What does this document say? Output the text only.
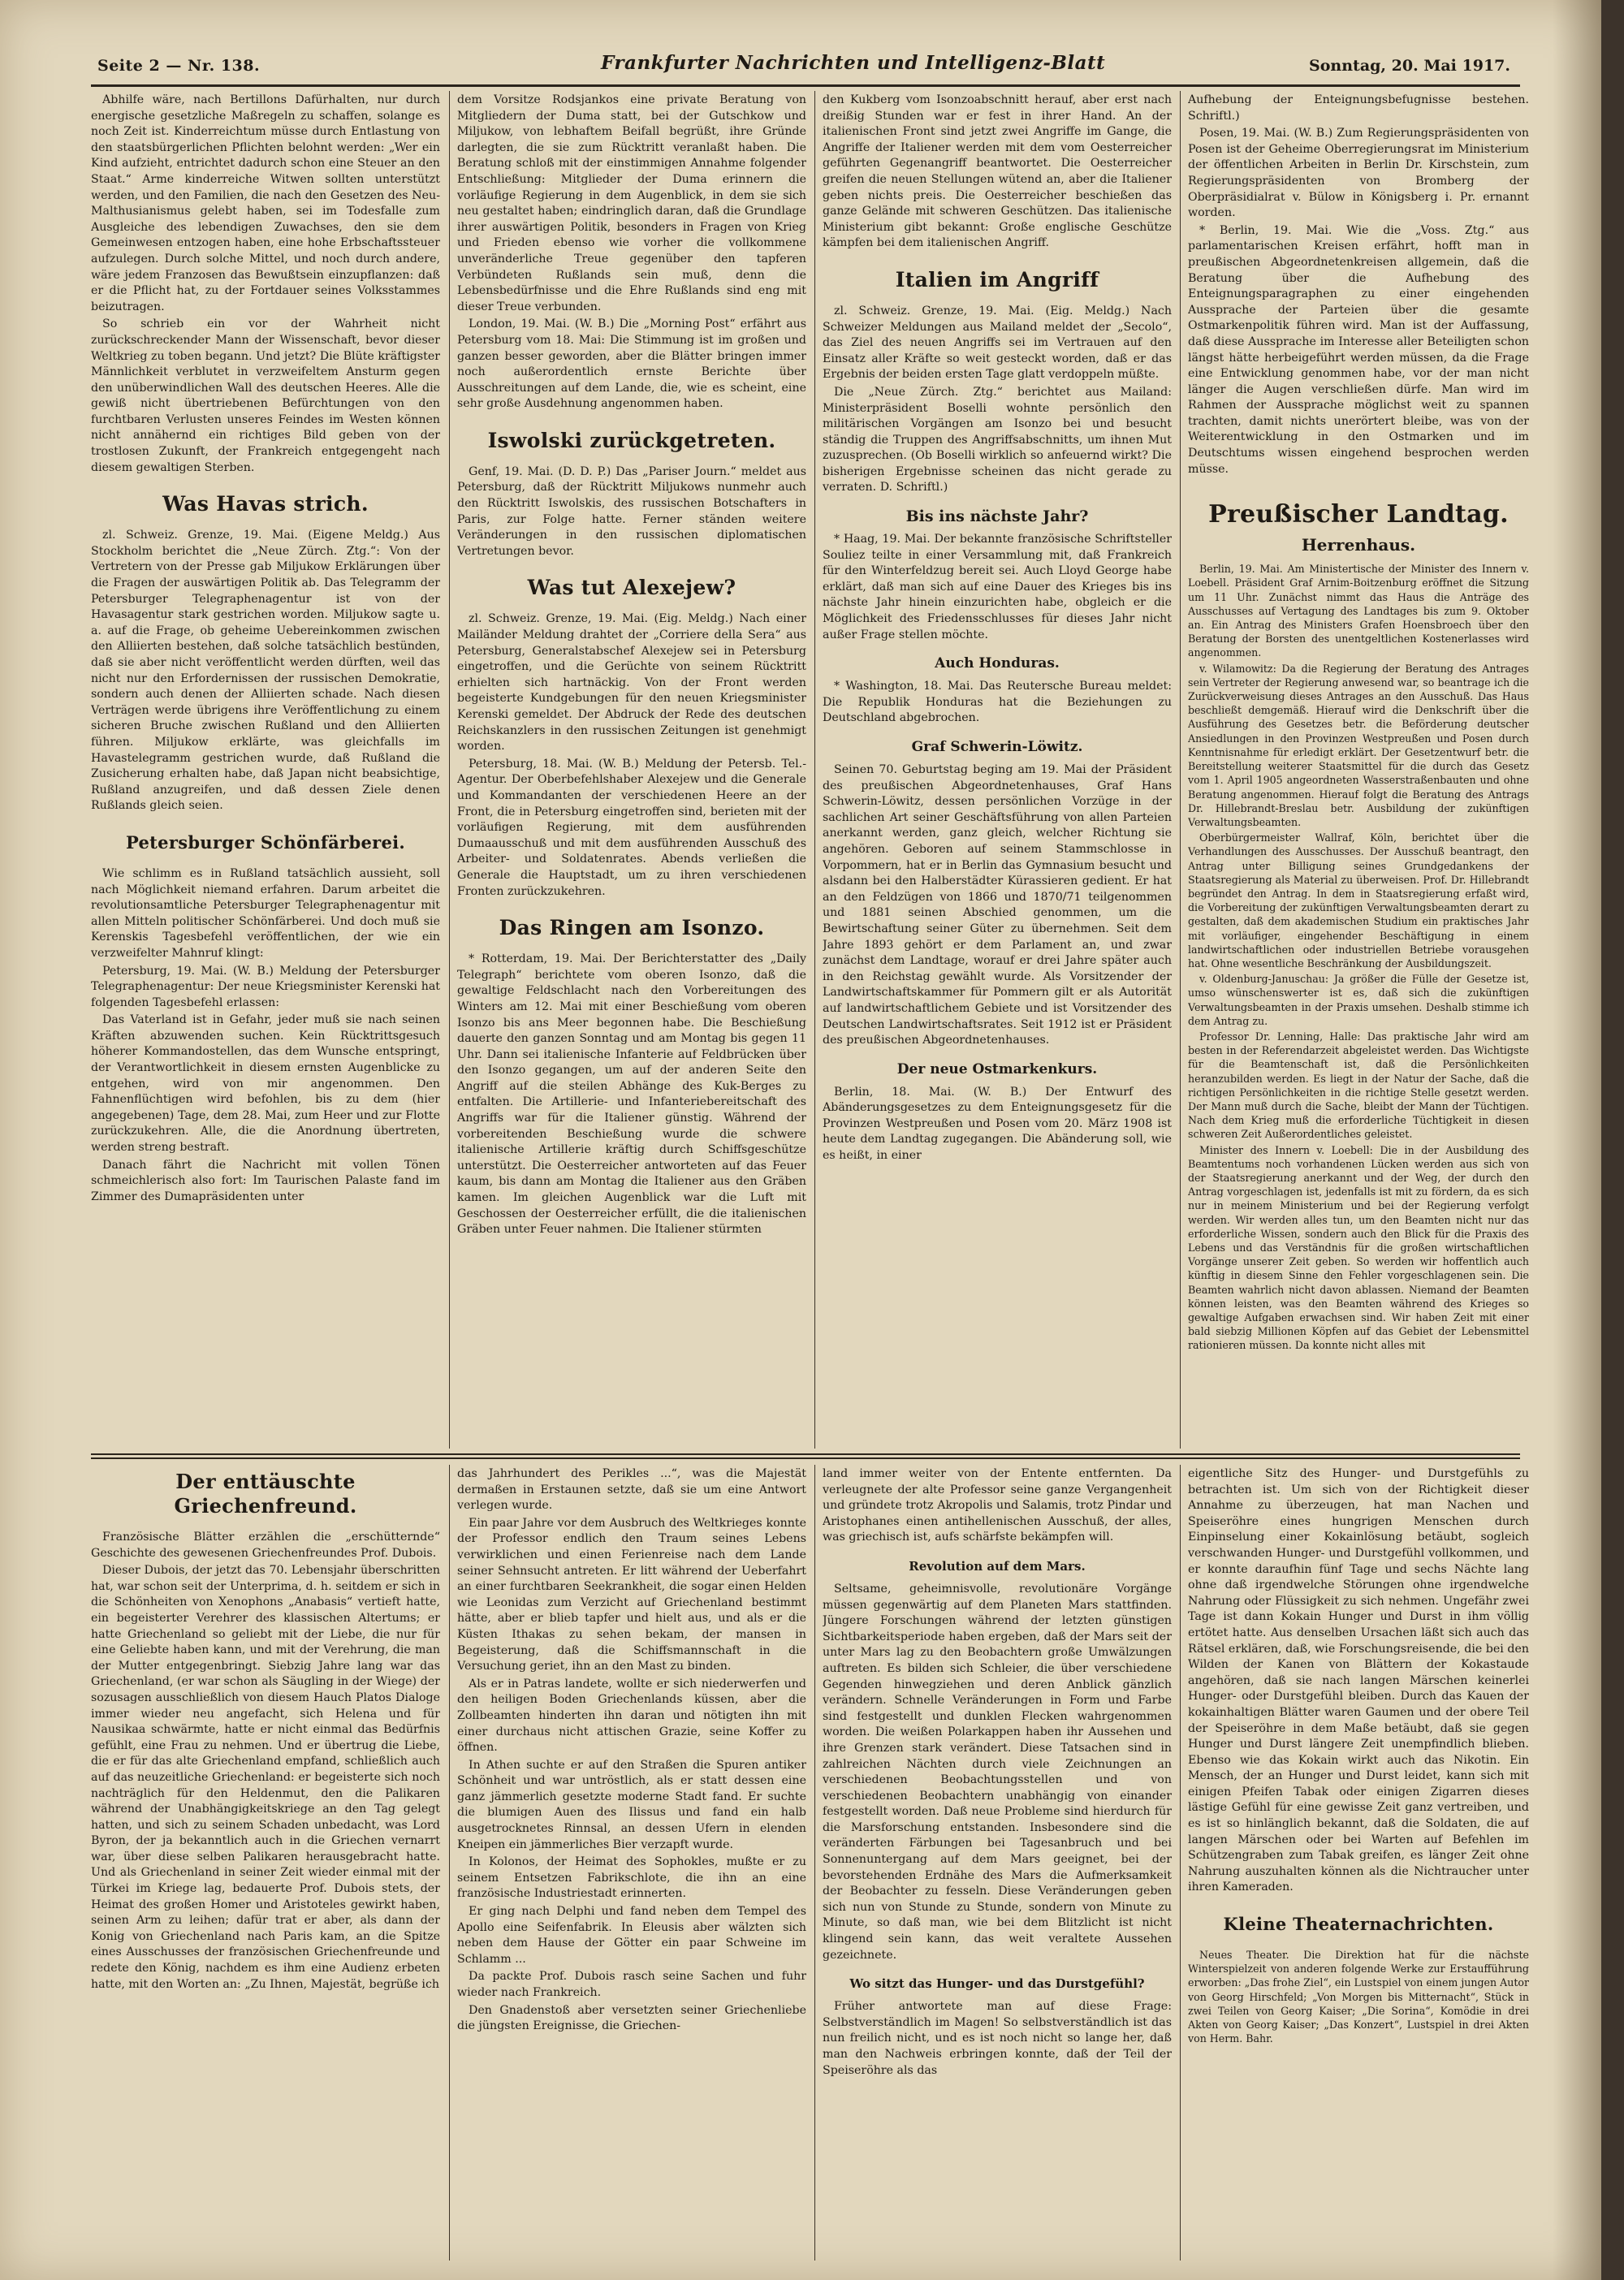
Seite 2 — Nr. 138.	Frankfurter Nachrichten und Intelligenz-Blatt	Sonntag, 20. Mai 1917.

Abhilfe wäre, nach Bertillons Dafürhalten, nur durch energische gesetzliche Maßregeln zu schaffen, solange es noch Zeit ist. Kinderreichtum müsse durch Entlastung von den staatsbürgerlichen Pflichten belohnt werden: „Wer ein Kind aufzieht, entrichtet dadurch schon eine Steuer an den Staat.“ Arme kinderreiche Witwen sollten unterstützt werden, und den Familien, die nach den Gesetzen des Neu-Malthusianismus gelebt haben, sei im Todesfalle zum Ausgleiche des lebendigen Zuwachses, den sie dem Gemeinwesen entzogen haben, eine hohe Erbschaftssteuer aufzulegen. Durch solche Mittel, und noch durch andere, wäre jedem Franzosen das Bewußtsein einzupflanzen: daß er die Pflicht hat, zu der Fortdauer seines Volksstammes beizutragen.

So schrieb ein vor der Wahrheit nicht zurückschreckender Mann der Wissenschaft, bevor dieser Weltkrieg zu toben begann. Und jetzt? Die Blüte kräftigster Männlichkeit verblutet in verzweifeltem Ansturm gegen den unüberwindlichen Wall des deutschen Heeres. Alle die gewiß nicht übertriebenen Befürchtungen von den furchtbaren Verlusten unseres Feindes im Westen können nicht annähernd ein richtiges Bild geben von der trostlosen Zukunft, der Frankreich entgegengeht nach diesem gewaltigen Sterben.

Was Havas strich.

zl. Schweiz. Grenze, 19. Mai. (Eigene Meldg.) Aus Stockholm berichtet die „Neue Zürch. Ztg.“: Von der Vertretern von der Presse gab Miljukow Erklärungen über die Fragen der auswärtigen Politik ab. Das Telegramm der Petersburger Telegraphenagentur ist von der Havasagentur stark gestrichen worden. Miljukow sagte u. a. auf die Frage, ob geheime Uebereinkommen zwischen den Alliierten bestehen, daß solche tatsächlich bestünden, daß sie aber nicht veröffentlicht werden dürften, weil das nicht nur den Erfordernissen der russischen Demokratie, sondern auch denen der Alliierten schade. Nach diesen Verträgen werde übrigens ihre Veröffentlichung zu einem sicheren Bruche zwischen Rußland und den Alliierten führen. Miljukow erklärte, was gleichfalls im Havastelegramm gestrichen wurde, daß Rußland die Zusicherung erhalten habe, daß Japan nicht beabsichtige, Rußland anzugreifen, und daß dessen Ziele denen Rußlands gleich seien.

Petersburger Schönfärberei.

Wie schlimm es in Rußland tatsächlich aussieht, soll nach Möglichkeit niemand erfahren. Darum arbeitet die revolutionsamtliche Petersburger Telegraphenagentur mit allen Mitteln politischer Schönfärberei. Und doch muß sie Kerenskis Tagesbefehl veröffentlichen, der wie ein verzweifelter Mahnruf klingt:

Petersburg, 19. Mai. (W. B.) Meldung der Petersburger Telegraphenagentur: Der neue Kriegsminister Kerenski hat folgenden Tagesbefehl erlassen:

Das Vaterland ist in Gefahr, jeder muß sie nach seinen Kräften abzuwenden suchen. Kein Rücktrittsgesuch höherer Kommandostellen, das dem Wunsche entspringt, der Verantwortlichkeit in diesem ernsten Augenblicke zu entgehen, wird von mir angenommen. Den Fahnenflüchtigen wird befohlen, bis zu dem (hier angegebenen) Tage, dem 28. Mai, zum Heer und zur Flotte zurückzukehren. Alle, die die Anordnung übertreten, werden streng bestraft.

Danach fährt die Nachricht mit vollen Tönen schmeichlerisch also fort: Im Taurischen Palaste fand im Zimmer des Dumapräsidenten unter

dem Vorsitze Rodsjankos eine private Beratung von Mitgliedern der Duma statt, bei der Gutschkow und Miljukow, von lebhaftem Beifall begrüßt, ihre Gründe darlegten, die sie zum Rücktritt veranlaßt haben. Die Beratung schloß mit der einstimmigen Annahme folgender Entschließung: Mitglieder der Duma erinnern die vorläufige Regierung in dem Augenblick, in dem sie sich neu gestaltet haben; eindringlich daran, daß die Grundlage ihrer auswärtigen Politik, besonders in Fragen von Krieg und Frieden ebenso wie vorher die vollkommene unveränderliche Treue gegenüber den tapferen Verbündeten Rußlands sein muß, denn die Lebensbedürfnisse und die Ehre Rußlands sind eng mit dieser Treue verbunden.

London, 19. Mai. (W. B.) Die „Morning Post“ erfährt aus Petersburg vom 18. Mai: Die Stimmung ist im großen und ganzen besser geworden, aber die Blätter bringen immer noch außerordentlich ernste Berichte über Ausschreitungen auf dem Lande, die, wie es scheint, eine sehr große Ausdehnung angenommen haben.

Iswolski zurückgetreten.

Genf, 19. Mai. (D. D. P.) Das „Pariser Journ.“ meldet aus Petersburg, daß der Rücktritt Miljukows nunmehr auch den Rücktritt Iswolskis, des russischen Botschafters in Paris, zur Folge hatte. Ferner ständen weitere Veränderungen in den russischen diplomatischen Vertretungen bevor.

Was tut Alexejew?

zl. Schweiz. Grenze, 19. Mai. (Eig. Meldg.) Nach einer Mailänder Meldung drahtet der „Corriere della Sera“ aus Petersburg, Generalstabschef Alexejew sei in Petersburg eingetroffen, und die Gerüchte von seinem Rücktritt erhielten sich hartnäckig. Von der Front werden begeisterte Kundgebungen für den neuen Kriegsminister Kerenski gemeldet. Der Abdruck der Rede des deutschen Reichskanzlers in den russischen Zeitungen ist genehmigt worden.

Petersburg, 18. Mai. (W. B.) Meldung der Petersb. Tel.-Agentur. Der Oberbefehlshaber Alexejew und die Generale und Kommandanten der verschiedenen Heere an der Front, die in Petersburg eingetroffen sind, berieten mit der vorläufigen Regierung, mit dem ausführenden Dumaausschuß und mit dem ausführenden Ausschuß des Arbeiter- und Soldatenrates. Abends verließen die Generale die Hauptstadt, um zu ihren verschiedenen Fronten zurückzukehren.

Das Ringen am Isonzo.

* Rotterdam, 19. Mai. Der Berichterstatter des „Daily Telegraph“ berichtete vom oberen Isonzo, daß die gewaltige Feldschlacht nach den Vorbereitungen des Winters am 12. Mai mit einer Beschießung vom oberen Isonzo bis ans Meer begonnen habe. Die Beschießung dauerte den ganzen Sonntag und am Montag bis gegen 11 Uhr. Dann sei italienische Infanterie auf Feldbrücken über den Isonzo gegangen, um auf der anderen Seite den Angriff auf die steilen Abhänge des Kuk-Berges zu entfalten. Die Artillerie- und Infanteriebereitschaft des Angriffs war für die Italiener günstig. Während der vorbereitenden Beschießung wurde die schwere italienische Artillerie kräftig durch Schiffsgeschütze unterstützt. Die Oesterreicher antworteten auf das Feuer kaum, bis dann am Montag die Italiener aus den Gräben kamen. Im gleichen Augenblick war die Luft mit Geschossen der Oesterreicher erfüllt, die die italienischen Gräben unter Feuer nahmen. Die Italiener stürmten

den Kukberg vom Isonzoabschnitt herauf, aber erst nach dreißig Stunden war er fest in ihrer Hand. An der italienischen Front sind jetzt zwei Angriffe im Gange, die Angriffe der Italiener werden mit dem vom Oesterreicher geführten Gegenangriff beantwortet. Die Oesterreicher greifen die neuen Stellungen wütend an, aber die Italiener geben nichts preis. Die Oesterreicher beschießen das ganze Gelände mit schweren Geschützen. Das italienische Ministerium gibt bekannt: Große englische Geschütze kämpfen bei dem italienischen Angriff.

Italien im Angriff

zl. Schweiz. Grenze, 19. Mai. (Eig. Meldg.) Nach Schweizer Meldungen aus Mailand meldet der „Secolo“, das Ziel des neuen Angriffs sei im Vertrauen auf den Einsatz aller Kräfte so weit gesteckt worden, daß er das Ergebnis der beiden ersten Tage glatt verdoppeln müßte.

Die „Neue Zürch. Ztg.“ berichtet aus Mailand: Ministerpräsident Boselli wohnte persönlich den militärischen Vorgängen am Isonzo bei und besucht ständig die Truppen des Angriffsabschnitts, um ihnen Mut zuzusprechen. (Ob Boselli wirklich so anfeuernd wirkt? Die bisherigen Ergebnisse scheinen das nicht gerade zu verraten. D. Schriftl.)

Bis ins nächste Jahr?

* Haag, 19. Mai. Der bekannte französische Schriftsteller Souliez teilte in einer Versammlung mit, daß Frankreich für den Winterfeldzug bereit sei. Auch Lloyd George habe erklärt, daß man sich auf eine Dauer des Krieges bis ins nächste Jahr hinein einzurichten habe, obgleich er die Möglichkeit des Friedensschlusses für dieses Jahr nicht außer Frage stellen möchte.

Auch Honduras.

* Washington, 18. Mai. Das Reutersche Bureau meldet: Die Republik Honduras hat die Beziehungen zu Deutschland abgebrochen.

Graf Schwerin-Löwitz.

Seinen 70. Geburtstag beging am 19. Mai der Präsident des preußischen Abgeordnetenhauses, Graf Hans Schwerin-Löwitz, dessen persönlichen Vorzüge in der sachlichen Art seiner Geschäftsführung von allen Parteien anerkannt werden, ganz gleich, welcher Richtung sie angehören. Geboren auf seinem Stammschlosse in Vorpommern, hat er in Berlin das Gymnasium besucht und alsdann bei den Halberstädter Kürassieren gedient. Er hat an den Feldzügen von 1866 und 1870/71 teilgenommen und 1881 seinen Abschied genommen, um die Bewirtschaftung seiner Güter zu übernehmen. Seit dem Jahre 1893 gehört er dem Parlament an, und zwar zunächst dem Landtage, worauf er drei Jahre später auch in den Reichstag gewählt wurde. Als Vorsitzender der Landwirtschaftskammer für Pommern gilt er als Autorität auf landwirtschaftlichem Gebiete und ist Vorsitzender des Deutschen Landwirtschaftsrates. Seit 1912 ist er Präsident des preußischen Abgeordnetenhauses.

Der neue Ostmarkenkurs.

Berlin, 18. Mai. (W. B.) Der Entwurf des Abänderungsgesetzes zu dem Enteignungsgesetz für die Provinzen Westpreußen und Posen vom 20. März 1908 ist heute dem Landtag zugegangen. Die Abänderung soll, wie es heißt, in einer

Aufhebung der Enteignungsbefugnisse bestehen. Schriftl.)

Posen, 19. Mai. (W. B.) Zum Regierungspräsidenten von Posen ist der Geheime Oberregierungsrat im Ministerium der öffentlichen Arbeiten in Berlin Dr. Kirschstein, zum Regierungspräsidenten von Bromberg der Oberpräsidialrat v. Bülow in Königsberg i. Pr. ernannt worden.

* Berlin, 19. Mai. Wie die „Voss. Ztg.“ aus parlamentarischen Kreisen erfährt, hofft man in preußischen Abgeordnetenkreisen allgemein, daß die Beratung über die Aufhebung des Enteignungsparagraphen zu einer eingehenden Aussprache der Parteien über die gesamte Ostmarkenpolitik führen wird. Man ist der Auffassung, daß diese Aussprache im Interesse aller Beteiligten schon längst hätte herbeigeführt werden müssen, da die Frage eine Entwicklung genommen habe, vor der man nicht länger die Augen verschließen dürfe. Man wird im Rahmen der Aussprache möglichst weit zu spannen trachten, damit nichts unerörtert bleibe, was von der Weiterentwicklung in den Ostmarken und im Deutschtums wissen eingehend besprochen werden müsse.

Preußischer Landtag.
Herrenhaus.

Berlin, 19. Mai. Am Ministertische der Minister des Innern v. Loebell. Präsident Graf Arnim-Boitzenburg eröffnet die Sitzung um 11 Uhr. Zunächst nimmt das Haus die Anträge des Ausschusses auf Vertagung des Landtages bis zum 9. Oktober an. Ein Antrag des Ministers Grafen Hoensbroech über den Beratung der Borsten des unentgeltlichen Kostenerlasses wird angenommen.

v. Wilamowitz: Da die Regierung der Beratung des Antrages sein Vertreter der Regierung anwesend war, so beantrage ich die Zurückverweisung dieses Antrages an den Ausschuß. Das Haus beschließt demgemäß. Hierauf wird die Denkschrift über die Ausführung des Gesetzes betr. die Beförderung deutscher Ansiedlungen in den Provinzen Westpreußen und Posen durch Kenntnisnahme für erledigt erklärt. Der Gesetzentwurf betr. die Bereitstellung weiterer Staatsmittel für die durch das Gesetz vom 1. April 1905 angeordneten Wasserstraßenbauten und ohne Beratung angenommen. Hierauf folgt die Beratung des Antrags Dr. Hillebrandt-Breslau betr. Ausbildung der zukünftigen Verwaltungsbeamten.

Oberbürgermeister Wallraf, Köln, berichtet über die Verhandlungen des Ausschusses. Der Ausschuß beantragt, den Antrag unter Billigung seines Grundgedankens der Staatsregierung als Material zu überweisen. Prof. Dr. Hillebrandt begründet den Antrag. In dem in Staatsregierung erfaßt wird, die Vorbereitung der zukünftigen Verwaltungsbeamten derart zu gestalten, daß dem akademischen Studium ein praktisches Jahr mit vorläufiger, eingehender Beschäftigung in einem landwirtschaftlichen oder industriellen Betriebe vorausgehen hat. Ohne wesentliche Beschränkung der Ausbildungszeit.

v. Oldenburg-Januschau: Ja größer die Fülle der Gesetze ist, umso wünschenswerter ist es, daß sich die zukünftigen Verwaltungsbeamten in der Praxis umsehen. Deshalb stimme ich dem Antrag zu.

Professor Dr. Lenning, Halle: Das praktische Jahr wird am besten in der Referendarzeit abgeleistet werden. Das Wichtigste für die Beamtenschaft ist, daß die Persönlichkeiten heranzubilden werden. Es liegt in der Natur der Sache, daß die richtigen Persönlichkeiten in die richtige Stelle gesetzt werden. Der Mann muß durch die Sache, bleibt der Mann der Tüchtigen. Nach dem Krieg muß die erforderliche Tüchtigkeit in diesen schweren Zeit Außerordentliches geleistet.

Minister des Innern v. Loebell: Die in der Ausbildung des Beamtentums noch vorhandenen Lücken werden aus sich von der Staatsregierung anerkannt und der Weg, der durch den Antrag vorgeschlagen ist, jedenfalls ist mit zu fördern, da es sich nur in meinem Ministerium und bei der Regierung verfolgt werden. Wir werden alles tun, um den Beamten nicht nur das erforderliche Wissen, sondern auch den Blick für die Praxis des Lebens und das Verständnis für die großen wirtschaftlichen Vorgänge unserer Zeit geben. So werden wir hoffentlich auch künftig in diesem Sinne den Fehler vorgeschlagenen sein. Die Beamten wahrlich nicht davon ablassen. Niemand der Beamten können leisten, was den Beamten während des Krieges so gewaltige Aufgaben erwachsen sind. Wir haben Zeit mit einer bald siebzig Millionen Köpfen auf das Gebiet der Lebensmittel rationieren müssen. Da konnte nicht alles mit

Der enttäuschte Griechenfreund.

Französische Blätter erzählen die „erschütternde“ Geschichte des gewesenen Griechenfreundes Prof. Dubois.

Dieser Dubois, der jetzt das 70. Lebensjahr überschritten hat, war schon seit der Unterprima, d. h. seitdem er sich in die Schönheiten von Xenophons „Anabasis“ vertieft hatte, ein begeisterter Verehrer des klassischen Altertums; er hatte Griechenland so geliebt mit der Liebe, die nur für eine Geliebte haben kann, und mit der Verehrung, die man der Mutter entgegenbringt. Siebzig Jahre lang war das Griechenland, (er war schon als Säugling in der Wiege) der sozusagen ausschließlich von diesem Hauch Platos Dialoge immer wieder neu angefacht, sich Helena und für Nausikaa schwärmte, hatte er nicht einmal das Bedürfnis gefühlt, eine Frau zu nehmen. Und er übertrug die Liebe, die er für das alte Griechenland empfand, schließlich auch auf das neuzeitliche Griechenland: er begeisterte sich noch nachträglich für den Heldenmut, den die Palikaren während der Unabhängigkeitskriege an den Tag gelegt hatten, und sich zu seinem Schaden unbedacht, was Lord Byron, der ja bekanntlich auch in die Griechen vernarrt war, über diese selben Palikaren herausgebracht hatte. Und als Griechenland in seiner Zeit wieder einmal mit der Türkei im Kriege lag, bedauerte Prof. Dubois stets, der Heimat des großen Homer und Aristoteles gewirkt haben, seinen Arm zu leihen; dafür trat er aber, als dann der Konig von Griechenland nach Paris kam, an die Spitze eines Ausschusses der französischen Griechenfreunde und redete den König, nachdem es ihm eine Audienz erbeten hatte, mit den Worten an: „Zu Ihnen, Majestät, begrüße ich

das Jahrhundert des Perikles ...“, was die Majestät dermaßen in Erstaunen setzte, daß sie um eine Antwort verlegen wurde.

Ein paar Jahre vor dem Ausbruch des Weltkrieges konnte der Professor endlich den Traum seines Lebens verwirklichen und einen Ferienreise nach dem Lande seiner Sehnsucht antreten. Er litt während der Ueberfahrt an einer furchtbaren Seekrankheit, die sogar einen Helden wie Leonidas zum Verzicht auf Griechenland bestimmt hätte, aber er blieb tapfer und hielt aus, und als er die Küsten Ithakas zu sehen bekam, der mansen in Begeisterung, daß die Schiffsmannschaft in die Versuchung geriet, ihn an den Mast zu binden.

Als er in Patras landete, wollte er sich niederwerfen und den heiligen Boden Griechenlands küssen, aber die Zollbeamten hinderten ihn daran und nötigten ihn mit einer durchaus nicht attischen Grazie, seine Koffer zu öffnen.

In Athen suchte er auf den Straßen die Spuren antiker Schönheit und war untröstlich, als er statt dessen eine ganz jämmerlich gesetzte moderne Stadt fand. Er suchte die blumigen Auen des Ilissus und fand ein halb ausgetrocknetes Rinnsal, an dessen Ufern in elenden Kneipen ein jämmerliches Bier verzapft wurde.

In Kolonos, der Heimat des Sophokles, mußte er zu seinem Entsetzen Fabrikschlote, die ihn an eine französische Industriestadt erinnerten.

Er ging nach Delphi und fand neben dem Tempel des Apollo eine Seifenfabrik. In Eleusis aber wälzten sich neben dem Hause der Götter ein paar Schweine im Schlamm ...

Da packte Prof. Dubois rasch seine Sachen und fuhr wieder nach Frankreich.

Den Gnadenstoß aber versetzten seiner Griechenliebe die jüngsten Ereignisse, die Griechen-

land immer weiter von der Entente entfernten. Da verleugnete der alte Professor seine ganze Vergangenheit und gründete trotz Akropolis und Salamis, trotz Pindar und Aristophanes einen antihellenischen Ausschuß, der alles, was griechisch ist, aufs schärfste bekämpfen will.

Revolution auf dem Mars.

Seltsame, geheimnisvolle, revolutionäre Vorgänge müssen gegenwärtig auf dem Planeten Mars stattfinden. Jüngere Forschungen während der letzten günstigen Sichtbarkeitsperiode haben ergeben, daß der Mars seit der unter Mars lag zu den Beobachtern große Umwälzungen auftreten. Es bilden sich Schleier, die über verschiedene Gegenden hinwegziehen und deren Anblick gänzlich verändern. Schnelle Veränderungen in Form und Farbe sind festgestellt und dunklen Flecken wahrgenommen worden. Die weißen Polarkappen haben ihr Aussehen und ihre Grenzen stark verändert. Diese Tatsachen sind in zahlreichen Nächten durch viele Zeichnungen an verschiedenen Beobachtungsstellen und von verschiedenen Beobachtern unabhängig von einander festgestellt worden. Daß neue Probleme sind hierdurch für die Marsforschung entstanden. Insbesondere sind die veränderten Färbungen bei Tagesanbruch und bei Sonnenuntergang auf dem Mars geeignet, bei der bevorstehenden Erdnähe des Mars die Aufmerksamkeit der Beobachter zu fesseln. Diese Veränderungen geben sich nun von Stunde zu Stunde, sondern von Minute zu Minute, so daß man, wie bei dem Blitzlicht ist nicht klingend sein kann, das weit veraltete Aussehen gezeichnete.

Wo sitzt das Hunger- und das Durstgefühl?

Früher antwortete man auf diese Frage: Selbstverständlich im Magen! So selbstverständlich ist das nun freilich nicht, und es ist noch nicht so lange her, daß man den Nachweis erbringen konnte, daß der Teil der Speiseröhre als das

eigentliche Sitz des Hunger- und Durstgefühls zu betrachten ist. Um sich von der Richtigkeit dieser Annahme zu überzeugen, hat man Nachen und Speiseröhre eines hungrigen Menschen durch Einpinselung einer Kokainlösung betäubt, sogleich verschwanden Hunger- und Durstgefühl vollkommen, und er konnte daraufhin fünf Tage und sechs Nächte lang ohne daß irgendwelche Störungen ohne irgendwelche Nahrung oder Flüssigkeit zu sich nehmen. Ungefähr zwei Tage ist dann Kokain Hunger und Durst in ihm völlig ertötet hatte. Aus denselben Ursachen läßt sich auch das Rätsel erklären, daß, wie Forschungsreisende, die bei den Wilden der Kanen von Blättern der Kokastaude angehören, daß sie nach langen Märschen keinerlei Hunger- oder Durstgefühl bleiben. Durch das Kauen der kokainhaltigen Blätter waren Gaumen und der obere Teil der Speiseröhre in dem Maße betäubt, daß sie gegen Hunger und Durst längere Zeit unempfindlich blieben. Ebenso wie das Kokain wirkt auch das Nikotin. Ein Mensch, der an Hunger und Durst leidet, kann sich mit einigen Pfeifen Tabak oder einigen Zigarren dieses lästige Gefühl für eine gewisse Zeit ganz vertreiben, und es ist so hinlänglich bekannt, daß die Soldaten, die auf langen Märschen oder bei Warten auf Befehlen im Schützengraben zum Tabak greifen, es länger Zeit ohne Nahrung auszuhalten können als die Nichtraucher unter ihren Kameraden.

Kleine Theaternachrichten.

Neues Theater. Die Direktion hat für die nächste Winterspielzeit von anderen folgende Werke zur Erstaufführung erworben: „Das frohe Ziel“, ein Lustspiel von einem jungen Autor von Georg Hirschfeld; „Von Morgen bis Mitternacht“, Stück in zwei Teilen von Georg Kaiser; „Die Sorina“, Komödie in drei Akten von Georg Kaiser; „Das Konzert“, Lustspiel in drei Akten von Herm. Bahr.
